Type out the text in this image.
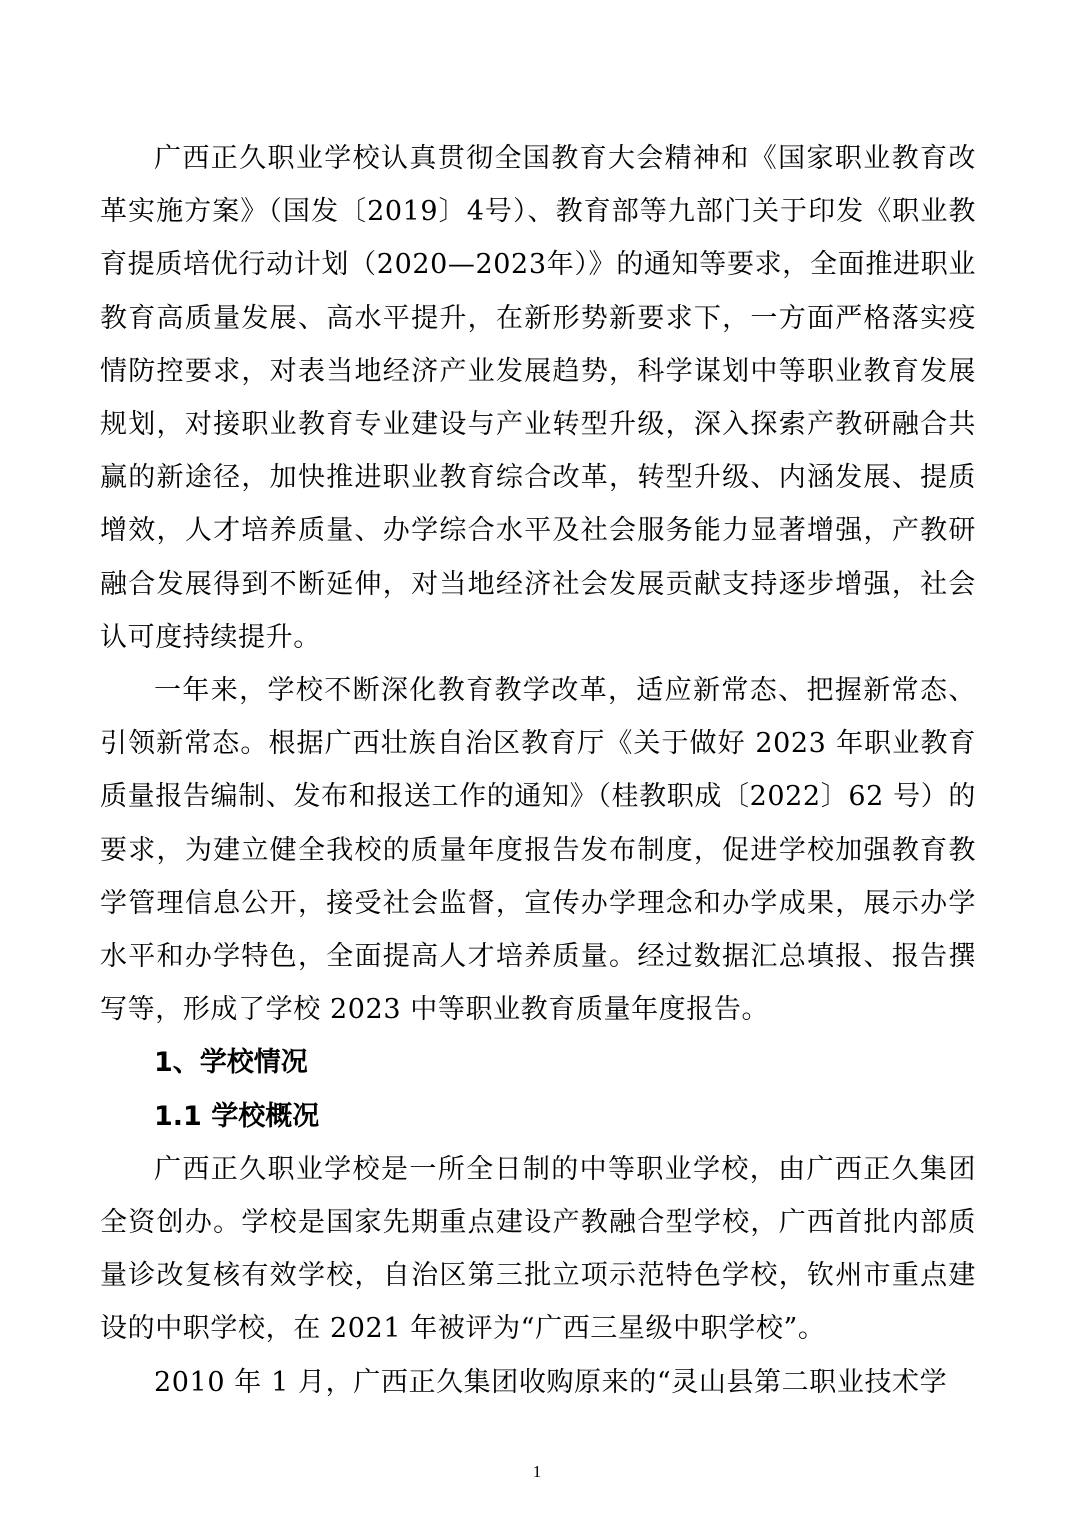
广西正久职业学校认真贯彻全国教育大会精神和《国家职业教育改革实施方案》（国发〔2019〕4号）、教育部等九部门关于印发《职业教育提质培优行动计划（2020—2023年）》的通知等要求，全面推进职业教育高质量发展、高水平提升，在新形势新要求下，一方面严格落实疫情防控要求，对表当地经济产业发展趋势，科学谋划中等职业教育发展规划，对接职业教育专业建设与产业转型升级，深入探索产教研融合共赢的新途径，加快推进职业教育综合改革，转型升级、内涵发展、提质增效，人才培养质量、办学综合水平及社会服务能力显著增强，产教研融合发展得到不断延伸，对当地经济社会发展贡献支持逐步增强，社会认可度持续提升。

一年来，学校不断深化教育教学改革，适应新常态、把握新常态、引领新常态。根据广西壮族自治区教育厅《关于做好 2023 年职业教育质量报告编制、发布和报送工作的通知》（桂教职成〔2022〕62 号）的要求，为建立健全我校的质量年度报告发布制度，促进学校加强教育教学管理信息公开，接受社会监督，宣传办学理念和办学成果，展示办学水平和办学特色，全面提高人才培养质量。经过数据汇总填报、报告撰写等，形成了学校 2023 中等职业教育质量年度报告。

1、学校情况

1.1 学校概况

广西正久职业学校是一所全日制的中等职业学校，由广西正久集团全资创办。学校是国家先期重点建设产教融合型学校，广西首批内部质量诊改复核有效学校，自治区第三批立项示范特色学校，钦州市重点建设的中职学校，在 2021 年被评为“广西三星级中职学校”。

2010 年 1 月，广西正久集团收购原来的“灵山县第二职业技术学

1
